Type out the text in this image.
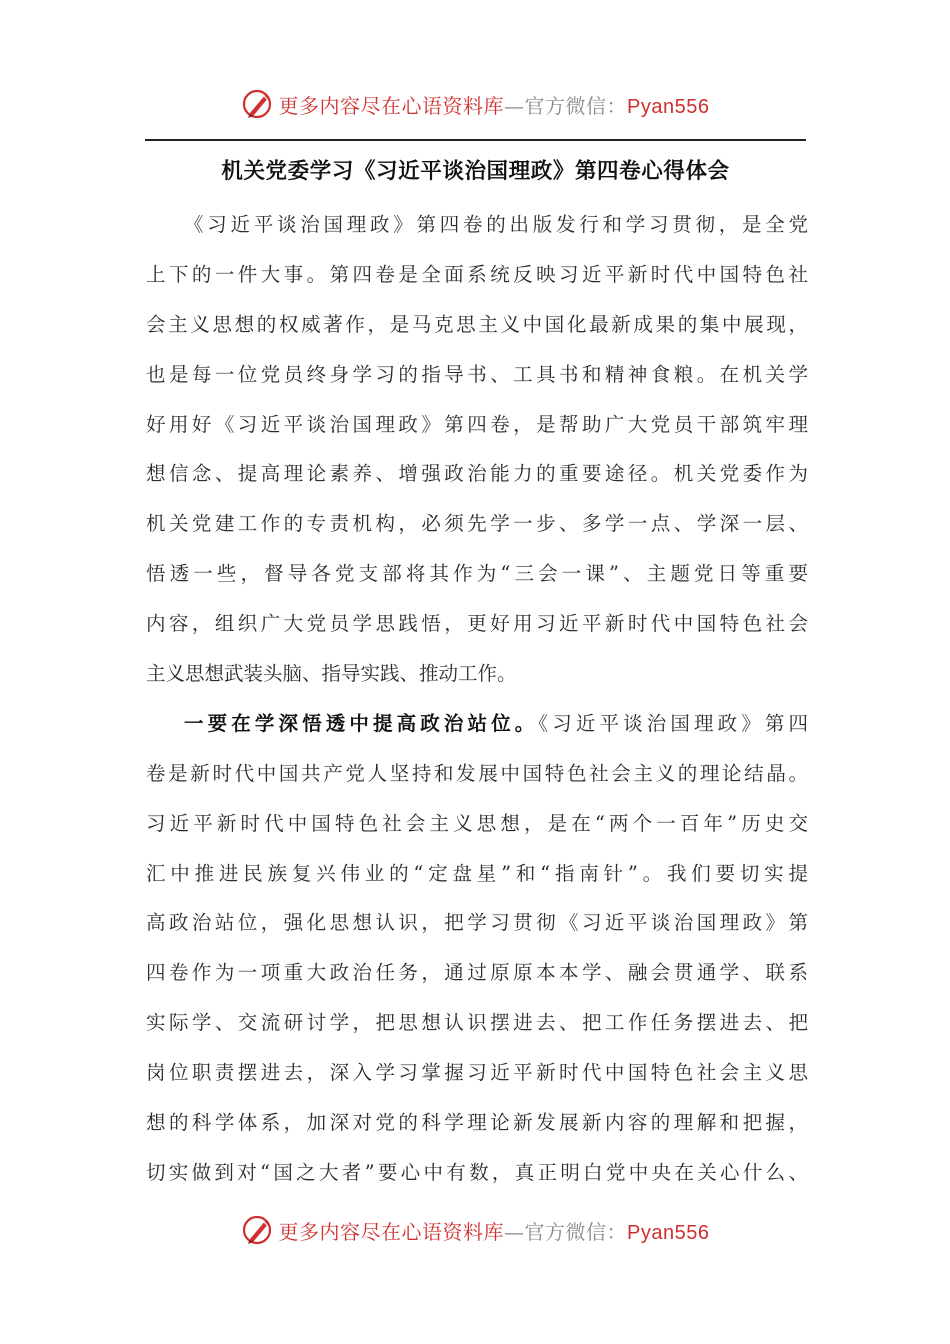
更多内容尽在心语资料库—官方微信：Pyan556
机关党委学习《习近平谈治国理政》第四卷心得体会
《习近平谈治国理政》第四卷的出版发行和学习贯彻，是全党
上下的一件大事。第四卷是全面系统反映习近平新时代中国特色社
会主义思想的权威著作，是马克思主义中国化最新成果的集中展现，
也是每一位党员终身学习的指导书、工具书和精神食粮。在机关学
好用好《习近平谈治国理政》第四卷，是帮助广大党员干部筑牢理
想信念、提高理论素养、增强政治能力的重要途径。机关党委作为
机关党建工作的专责机构，必须先学一步、多学一点、学深一层、
悟透一些，督导各党支部将其作为“三会一课”、主题党日等重要
内容，组织广大党员学思践悟，更好用习近平新时代中国特色社会
主义思想武装头脑、指导实践、推动工作。
一要在学深悟透中提高政治站位。《习近平谈治国理政》第四
卷是新时代中国共产党人坚持和发展中国特色社会主义的理论结晶。
习近平新时代中国特色社会主义思想，是在“两个一百年”历史交
汇中推进民族复兴伟业的“定盘星”和“指南针”。我们要切实提
高政治站位，强化思想认识，把学习贯彻《习近平谈治国理政》第
四卷作为一项重大政治任务，通过原原本本学、融会贯通学、联系
实际学、交流研讨学，把思想认识摆进去、把工作任务摆进去、把
岗位职责摆进去，深入学习掌握习近平新时代中国特色社会主义思
想的科学体系，加深对党的科学理论新发展新内容的理解和把握，
切实做到对“国之大者”要心中有数，真正明白党中央在关心什么、
更多内容尽在心语资料库—官方微信：Pyan556
